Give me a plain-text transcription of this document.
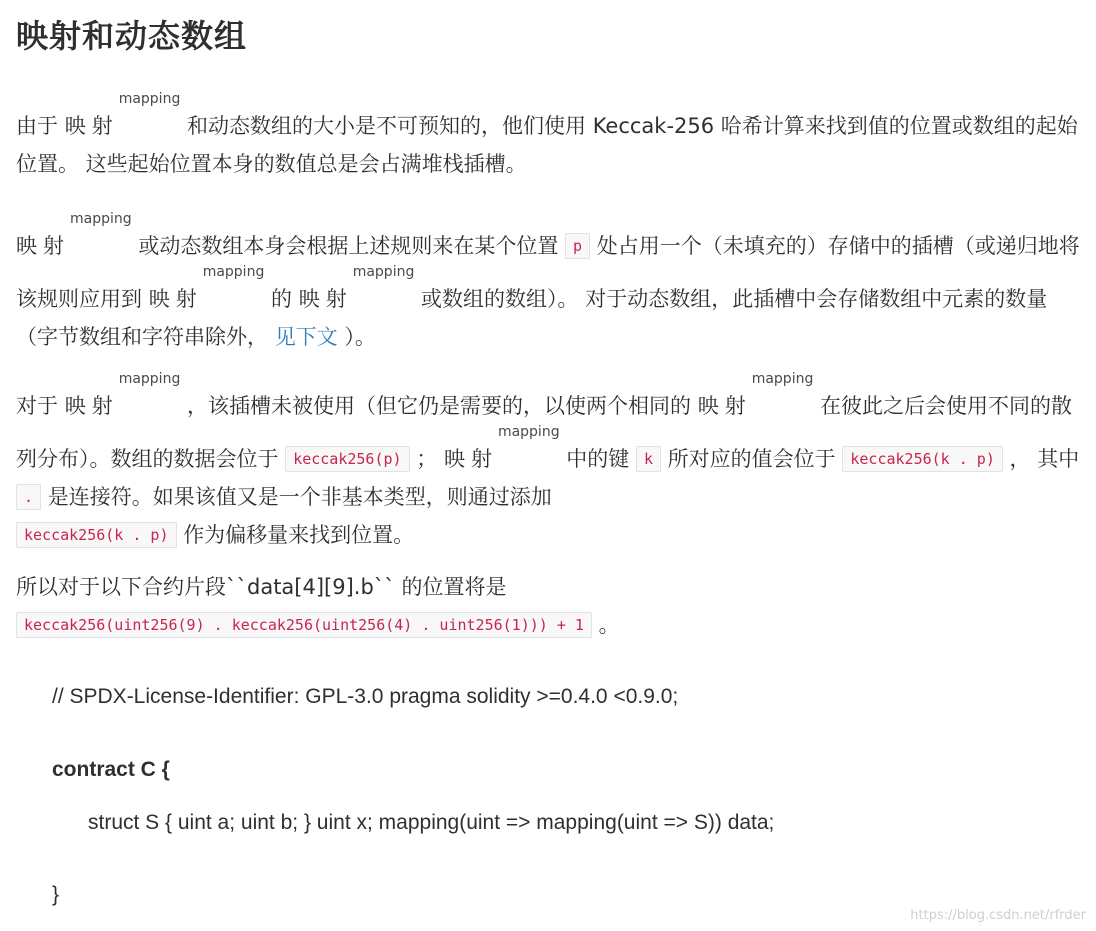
映射和动态数组
由于 映射mapping 和动态数组的大小是不可预知的，他们使用 Keccak-256 哈希计算来找到值的位置或数组的起始位置。 这些起始位置本身的数值总是会占满堆栈插槽。
映射mapping 或动态数组本身会根据上述规则来在某个位置 p 处占用一个（未填充的）存储中的插槽（或递归地将该规则应用到 映射mapping 的 映射mapping 或数组的数组）。 对于动态数组，此插槽中会存储数组中元素的数量（字节数组和字符串除外， 见下文 ）。
对于 映射mapping ，该插槽未被使用（但它仍是需要的，以使两个相同的 映射mapping 在彼此之后会使用不同的散列分布）。数组的数据会位于 keccak256(p) ； 映射mapping 中的键 k 所对应的值会位于 keccak256(k . p) ， 其中 . 是连接符。如果该值又是一个非基本类型，则通过添加
keccak256(k . p) 作为偏移量来找到位置。
所以对于以下合约片段``data[4][9].b`` 的位置将是
keccak256(uint256(9) . keccak256(uint256(4) . uint256(1))) + 1 。
// SPDX-License-Identifier: GPL-3.0 pragma solidity >=0.4.0 <0.9.0;
contract C {
struct S { uint a; uint b; } uint x; mapping(uint => mapping(uint => S)) data;
}
https://blog.csdn.net/rfrder
